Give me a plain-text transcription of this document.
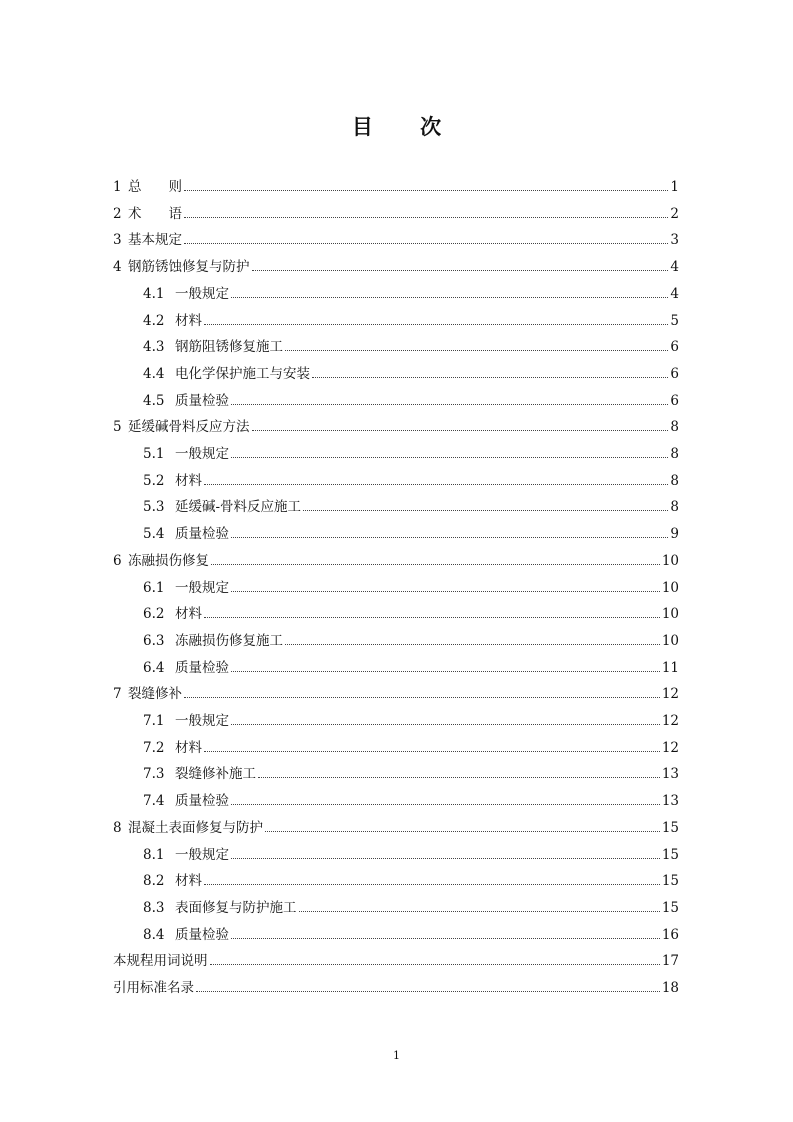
目 次
1 总　　则	1
2 术　　语	2
3 基本规定	3
4 钢筋锈蚀修复与防护	4
4.1 一般规定	4
4.2 材料	5
4.3 钢筋阻锈修复施工	6
4.4 电化学保护施工与安装	6
4.5 质量检验	6
5 延缓碱骨料反应方法	8
5.1 一般规定	8
5.2 材料	8
5.3 延缓碱-骨料反应施工	8
5.4 质量检验	9
6 冻融损伤修复	10
6.1 一般规定	10
6.2 材料	10
6.3 冻融损伤修复施工	10
6.4 质量检验	11
7 裂缝修补	12
7.1 一般规定	12
7.2 材料	12
7.3 裂缝修补施工	13
7.4 质量检验	13
8 混凝土表面修复与防护	15
8.1 一般规定	15
8.2 材料	15
8.3 表面修复与防护施工	15
8.4 质量检验	16
本规程用词说明	17
引用标准名录	18
1
